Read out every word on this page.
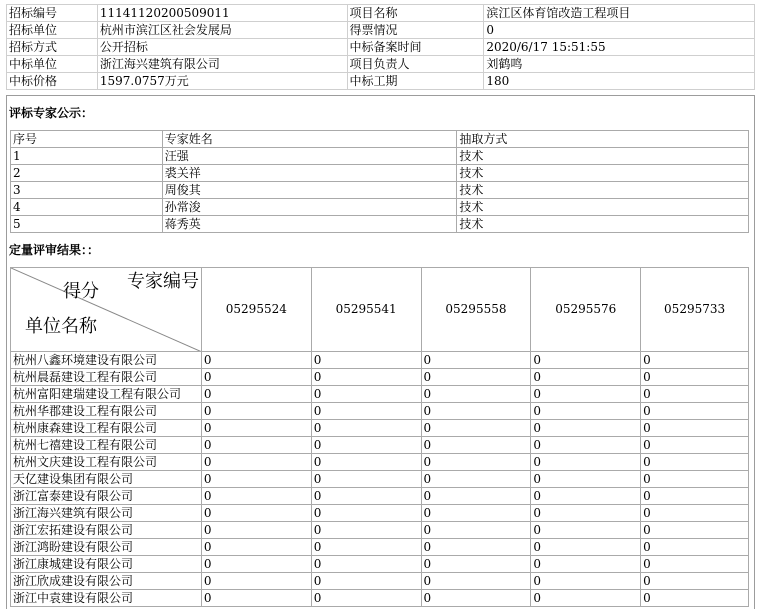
招标编号	11141120200509011	项目名称	滨江区体育馆改造工程项目
招标单位	杭州市滨江区社会发展局	得票情况	0
招标方式	公开招标	中标备案时间	2020/6/17 15:51:55
中标单位	浙江海兴建筑有限公司	项目负责人	刘鹤鸣
中标价格	1597.0757万元	中标工期	180
评标专家公示：
序号	专家姓名	抽取方式
1	汪强	技术
2	裘关祥	技术
3	周俊其	技术
4	孙常浚	技术
5	蒋秀英	技术
定量评审结果：：
专家编号
得分
单位名称	05295524	05295541	05295558	05295576	05295733
杭州八鑫环境建设有限公司	0	0	0	0	0
杭州晨磊建设工程有限公司	0	0	0	0	0
杭州富阳建瑞建设工程有限公司	0	0	0	0	0
杭州华郡建设工程有限公司	0	0	0	0	0
杭州康森建设工程有限公司	0	0	0	0	0
杭州七禧建设工程有限公司	0	0	0	0	0
杭州文庆建设工程有限公司	0	0	0	0	0
天亿建设集团有限公司	0	0	0	0	0
浙江富泰建设有限公司	0	0	0	0	0
浙江海兴建筑有限公司	0	0	0	0	0
浙江宏拓建设有限公司	0	0	0	0	0
浙江鸿盼建设有限公司	0	0	0	0	0
浙江康城建设有限公司	0	0	0	0	0
浙江欣成建设有限公司	0	0	0	0	0
浙江中袁建设有限公司	0	0	0	0	0
